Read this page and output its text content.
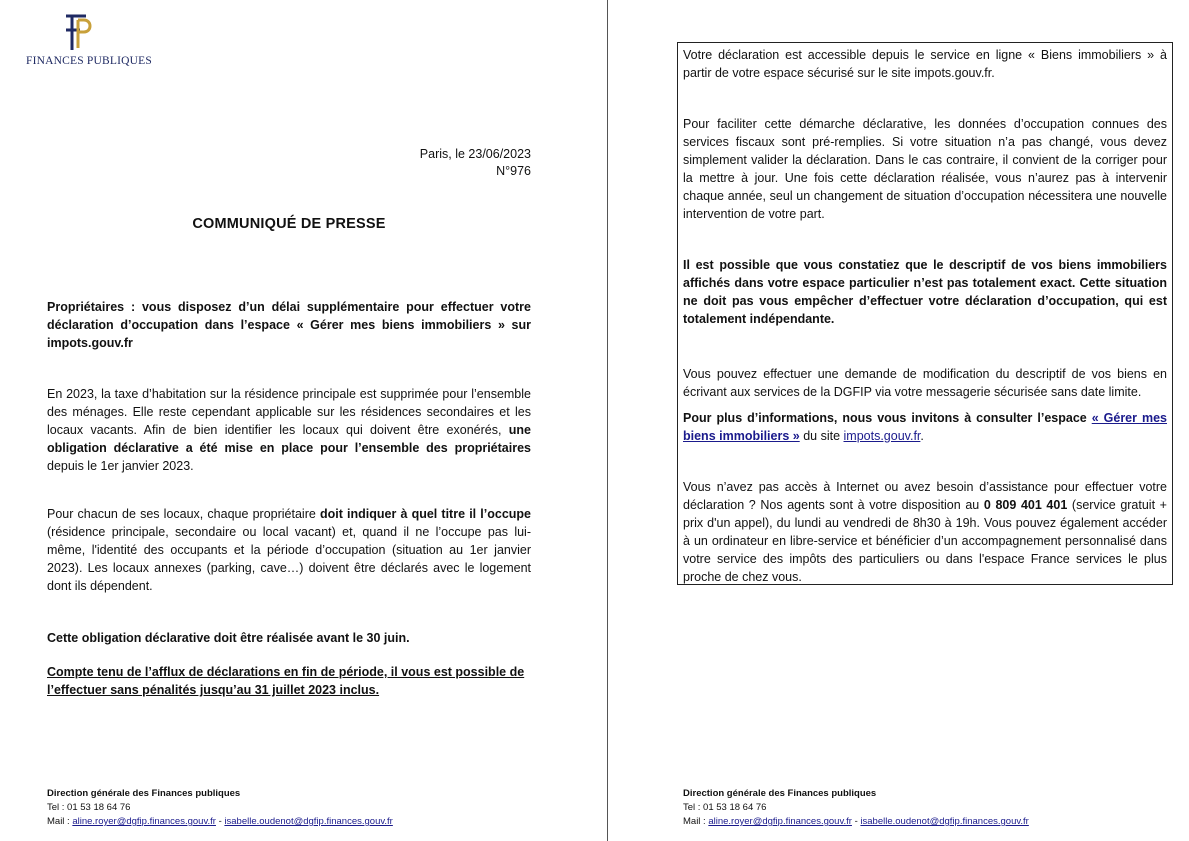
FINANCES PUBLIQUES
Paris, le 23/06/2023
N°976
COMMUNIQUÉ DE PRESSE
Propriétaires : vous disposez d’un délai supplémentaire pour effectuer votre déclaration d’occupation dans l’espace « Gérer mes biens immobiliers » sur impots.gouv.fr
En 2023, la taxe d’habitation sur la résidence principale est supprimée pour l’ensemble des ménages. Elle reste cependant applicable sur les résidences secondaires et les locaux vacants. Afin de bien identifier les locaux qui doivent être exonérés, une obligation déclarative a été mise en place pour l’ensemble des propriétaires depuis le 1er janvier 2023.
Pour chacun de ses locaux, chaque propriétaire doit indiquer à quel titre il l’occupe (résidence principale, secondaire ou local vacant) et, quand il ne l’occupe pas lui-même, l'identité des occupants et la période d’occupation (situation au 1er janvier 2023). Les locaux annexes (parking, cave…) doivent être déclarés avec le logement dont ils dépendent.
Cette obligation déclarative doit être réalisée avant le 30 juin.
Compte tenu de l’afflux de déclarations en fin de période, il vous est possible de l’effectuer sans pénalités jusqu’au 31 juillet 2023 inclus.
Direction générale des Finances publiques
Tel : 01 53 18 64 76
Mail : aline.royer@dgfip.finances.gouv.fr - isabelle.oudenot@dgfip.finances.gouv.fr
Votre déclaration est accessible depuis le service en ligne « Biens immobiliers » à partir de votre espace sécurisé sur le site impots.gouv.fr.
Pour faciliter cette démarche déclarative, les données d’occupation connues des services fiscaux sont pré-remplies. Si votre situation n’a pas changé, vous devez simplement valider la déclaration. Dans le cas contraire, il convient de la corriger pour la mettre à jour. Une fois cette déclaration réalisée, vous n’aurez pas à intervenir chaque année, seul un changement de situation d’occupation nécessitera une nouvelle intervention de votre part.
Il est possible que vous constatiez que le descriptif de vos biens immobiliers affichés dans votre espace particulier n’est pas totalement exact. Cette situation ne doit pas vous empêcher d’effectuer votre déclaration d’occupation, qui est totalement indépendante.
Vous pouvez effectuer une demande de modification du descriptif de vos biens en écrivant aux services de la DGFIP via votre messagerie sécurisée sans date limite.
Pour plus d’informations, nous vous invitons à consulter l’espace « Gérer mes biens immobiliers » du site impots.gouv.fr.
Vous n’avez pas accès à Internet ou avez besoin d’assistance pour effectuer votre déclaration ? Nos agents sont à votre disposition au 0 809 401 401 (service gratuit + prix d'un appel), du lundi au vendredi de 8h30 à 19h. Vous pouvez également accéder à un ordinateur en libre-service et bénéficier d’un accompagnement personnalisé dans votre service des impôts des particuliers ou dans l'espace France services le plus proche de chez vous.
Direction générale des Finances publiques
Tel : 01 53 18 64 76
Mail : aline.royer@dgfip.finances.gouv.fr - isabelle.oudenot@dgfip.finances.gouv.fr
